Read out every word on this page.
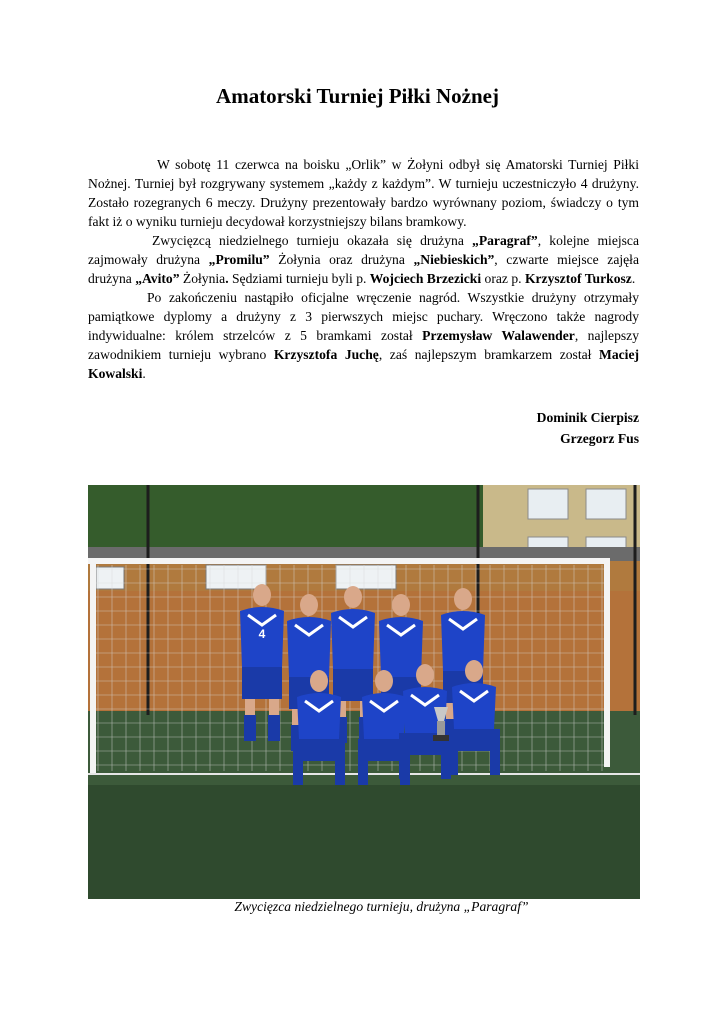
Amatorski Turniej Piłki Nożnej

W sobotę 11 czerwca na boisku „Orlik” w Żołyni odbył się Amatorski Turniej Piłki Nożnej. Turniej był rozgrywany systemem „każdy z każdym”. W turnieju uczestniczyło 4 drużyny. Zostało rozegranych 6 meczy. Drużyny prezentowały bardzo wyrównany poziom, świadczy o tym fakt iż o wyniku turnieju decydował korzystniejszy bilans bramkowy.

Zwycięzcą niedzielnego turnieju okazała się drużyna „Paragraf”, kolejne miejsca zajmowały drużyna „Promilu” Żołynia oraz drużyna „Niebieskich”, czwarte miejsce zajęła drużyna „Avito” Żołynia. Sędziami turnieju byli p. Wojciech Brzezicki oraz p. Krzysztof Turkosz.

Po zakończeniu nastąpiło oficjalne wręczenie nagród. Wszystkie drużyny otrzymały pamiątkowe dyplomy a drużyny z 3 pierwszych miejsc puchary. Wręczono także nagrody indywidualne: królem strzelców z 5 bramkami został Przemysław Walawender, najlepszy zawodnikiem turnieju wybrano Krzysztofa Juchę, zaś najlepszym bramkarzem został Maciej Kowalski.

Dominik Cierpisz
Grzegorz Fus
4
Zwycięzca niedzielnego turnieju, drużyna „Paragraf”
